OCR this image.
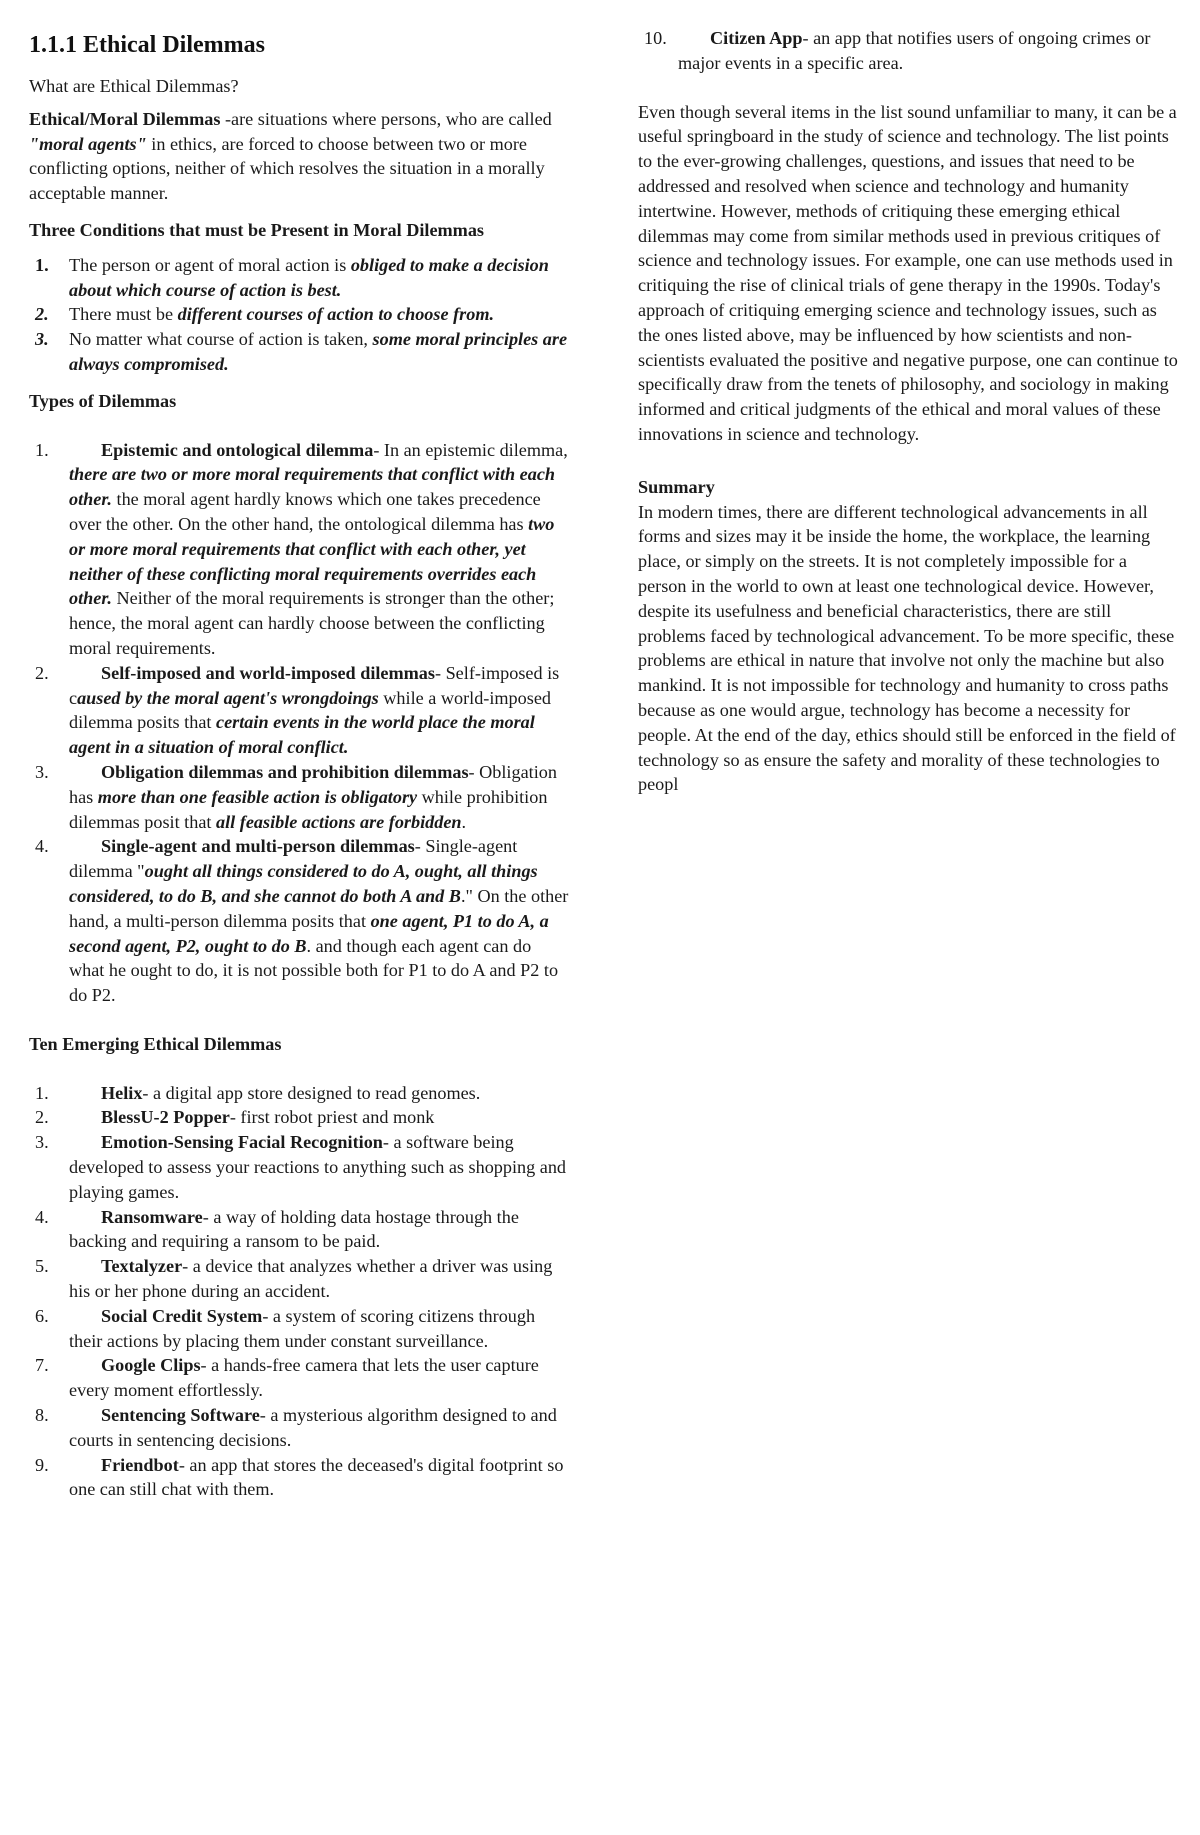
1.1.1 Ethical Dilemmas

What are Ethical Dilemmas?

Ethical/Moral Dilemmas -are situations where persons, who are called "moral agents" in ethics, are forced to choose between two or more conflicting options, neither of which resolves the situation in a morally acceptable manner.

Three Conditions that must be Present in Moral Dilemmas

1. The person or agent of moral action is obliged to make a decision about which course of action is best.
2. There must be different courses of action to choose from.
3. No matter what course of action is taken, some moral principles are always compromised.

Types of Dilemmas

1.	Epistemic and ontological dilemma- In an epistemic dilemma, there are two or more moral requirements that conflict with each other. the moral agent hardly knows which one takes precedence over the other. On the other hand, the ontological dilemma has two or more moral requirements that conflict with each other, yet neither of these conflicting moral requirements overrides each other. Neither of the moral requirements is stronger than the other; hence, the moral agent can hardly choose between the conflicting moral requirements.
2.	Self-imposed and world-imposed dilemmas- Self-imposed is caused by the moral agent's wrongdoings while a world-imposed dilemma posits that certain events in the world place the moral agent in a situation of moral conflict.
3.	Obligation dilemmas and prohibition dilemmas- Obligation has more than one feasible action is obligatory while prohibition dilemmas posit that all feasible actions are forbidden.
4.	Single-agent and multi-person dilemmas- Single-agent dilemma "ought all things considered to do A, ought, all things considered, to do B, and she cannot do both A and B." On the other hand, a multi-person dilemma posits that one agent, P1 to do A, a second agent, P2, ought to do B. and though each agent can do what he ought to do, it is not possible both for P1 to do A and P2 to do P2.

Ten Emerging Ethical Dilemmas

1.	Helix- a digital app store designed to read genomes.
2.	BlessU-2 Popper- first robot priest and monk
3.	Emotion-Sensing Facial Recognition- a software being developed to assess your reactions to anything such as shopping and playing games.
4.	Ransomware- a way of holding data hostage through the backing and requiring a ransom to be paid.
5.	Textalyzer- a device that analyzes whether a driver was using his or her phone during an accident.
6.	Social Credit System- a system of scoring citizens through their actions by placing them under constant surveillance.
7.	Google Clips- a hands-free camera that lets the user capture every moment effortlessly.
8.	Sentencing Software- a mysterious algorithm designed to and courts in sentencing decisions.
9.	Friendbot- an app that stores the deceased's digital footprint so one can still chat with them.
10. Citizen App- an app that notifies users of ongoing crimes or major events in a specific area.

Even though several items in the list sound unfamiliar to many, it can be a useful springboard in the study of science and technology. The list points to the ever-growing challenges, questions, and issues that need to be addressed and resolved when science and technology and humanity intertwine. However, methods of critiquing these emerging ethical dilemmas may come from similar methods used in previous critiques of science and technology issues. For example, one can use methods used in critiquing the rise of clinical trials of gene therapy in the 1990s. Today's approach of critiquing emerging science and technology issues, such as the ones listed above, may be influenced by how scientists and non-scientists evaluated the positive and negative purpose, one can continue to specifically draw from the tenets of philosophy, and sociology in making informed and critical judgments of the ethical and moral values of these innovations in science and technology.

Summary

In modern times, there are different technological advancements in all forms and sizes may it be inside the home, the workplace, the learning place, or simply on the streets. It is not completely impossible for a person in the world to own at least one technological device. However, despite its usefulness and beneficial characteristics, there are still problems faced by technological advancement. To be more specific, these problems are ethical in nature that involve not only the machine but also mankind. It is not impossible for technology and humanity to cross paths because as one would argue, technology has become a necessity for people. At the end of the day, ethics should still be enforced in the field of technology so as ensure the safety and morality of these technologies to peopl
